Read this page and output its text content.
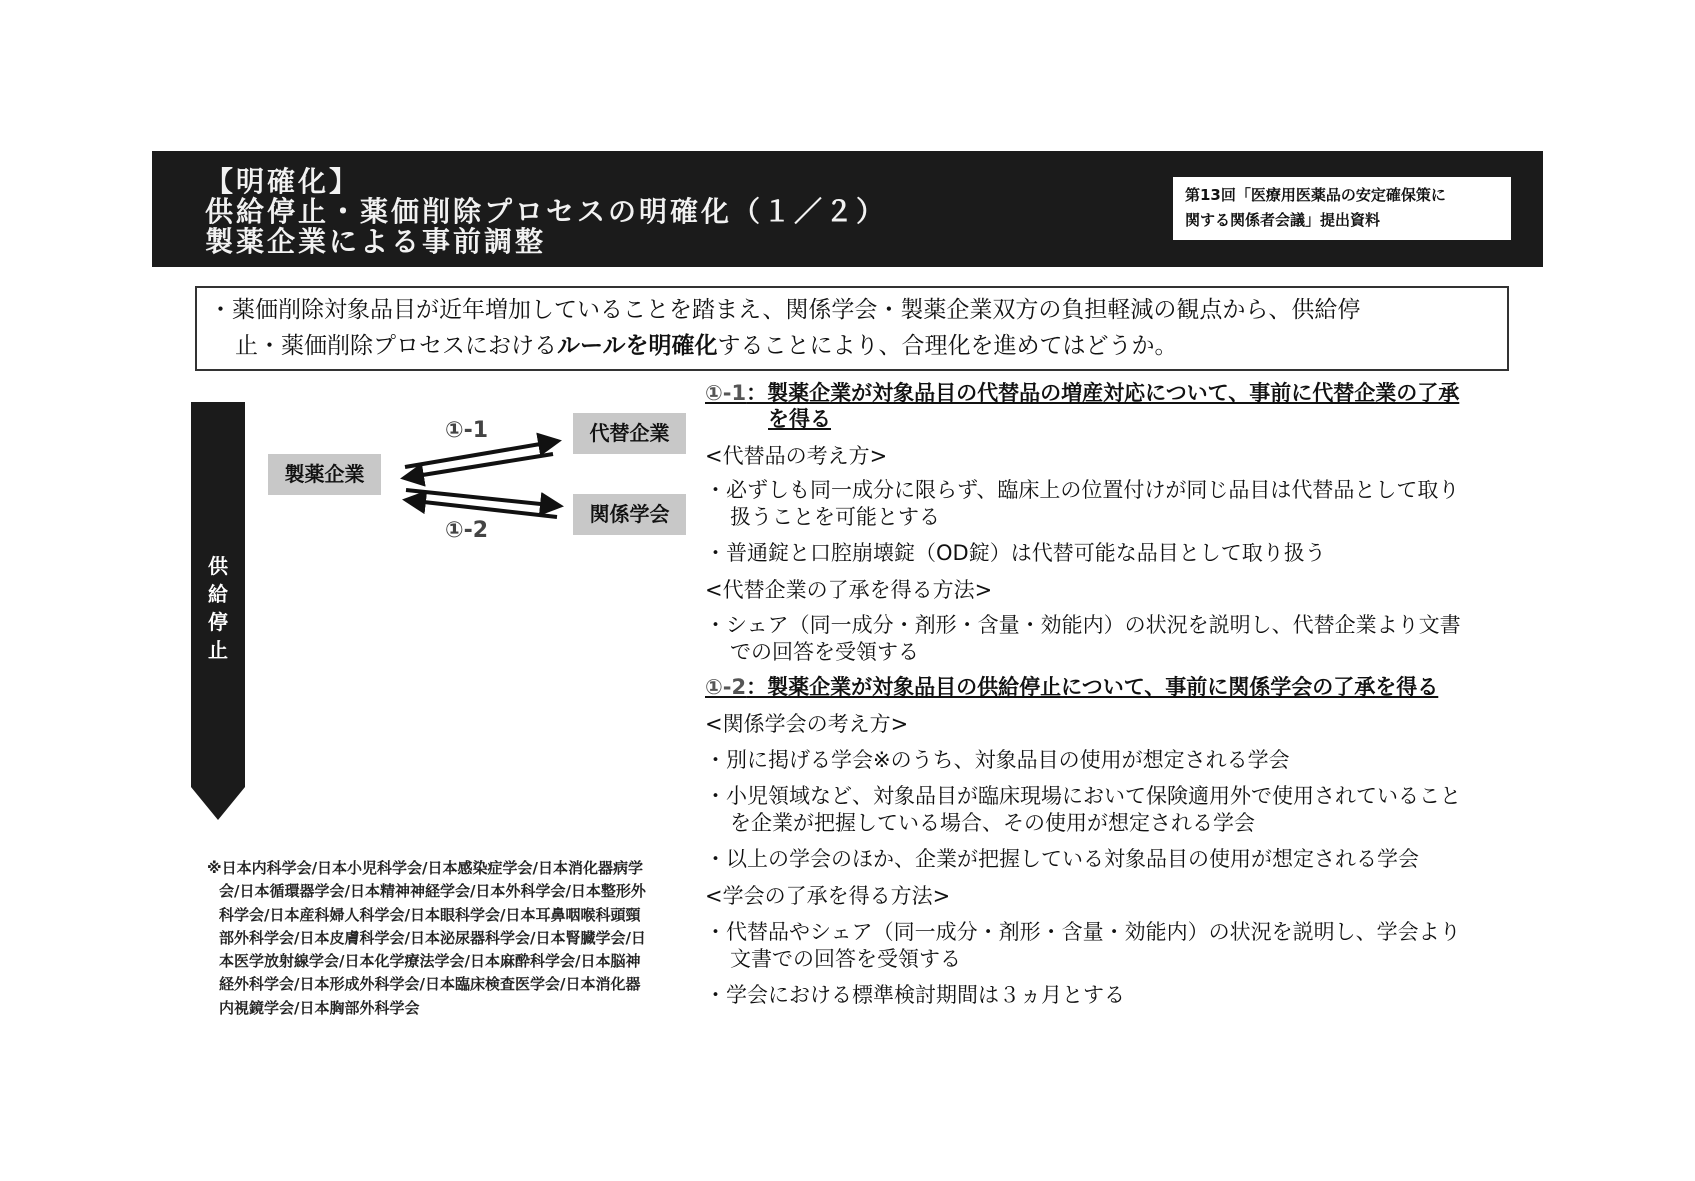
【明確化】
供給停止・薬価削除プロセスの明確化（１／２）
製薬企業による事前調整
第13回「医療用医薬品の安定確保策に
関する関係者会議」提出資料
・薬価削除対象品目が近年増加していることを踏まえ、関係学会・製薬企業双方の負担軽減の観点から、供給停
止・薬価削除プロセスにおけるルールを明確化することにより、合理化を進めてはどうか。
供
給
停
止
製薬企業
代替企業
関係学会
①-1
①-2
①-1：製薬企業が対象品目の代替品の増産対応について、事前に代替企業の了承
を得る
<代替品の考え方>
・必ずしも同一成分に限らず、臨床上の位置付けが同じ品目は代替品として取り
扱うことを可能とする
・普通錠と口腔崩壊錠（OD錠）は代替可能な品目として取り扱う
<代替企業の了承を得る方法>
・シェア（同一成分・剤形・含量・効能内）の状況を説明し、代替企業より文書
での回答を受領する
①-2：製薬企業が対象品目の供給停止について、事前に関係学会の了承を得る
<関係学会の考え方>
・別に掲げる学会※のうち、対象品目の使用が想定される学会
・小児領域など、対象品目が臨床現場において保険適用外で使用されていること
を企業が把握している場合、その使用が想定される学会
・以上の学会のほか、企業が把握している対象品目の使用が想定される学会
<学会の了承を得る方法>
・代替品やシェア（同一成分・剤形・含量・効能内）の状況を説明し、学会より
文書での回答を受領する
・学会における標準検討期間は３ヵ月とする
※日本内科学会/日本小児科学会/日本感染症学会/日本消化器病学
会/日本循環器学会/日本精神神経学会/日本外科学会/日本整形外
科学会/日本産科婦人科学会/日本眼科学会/日本耳鼻咽喉科頭頸
部外科学会/日本皮膚科学会/日本泌尿器科学会/日本腎臓学会/日
本医学放射線学会/日本化学療法学会/日本麻酔科学会/日本脳神
経外科学会/日本形成外科学会/日本臨床検査医学会/日本消化器
内視鏡学会/日本胸部外科学会
